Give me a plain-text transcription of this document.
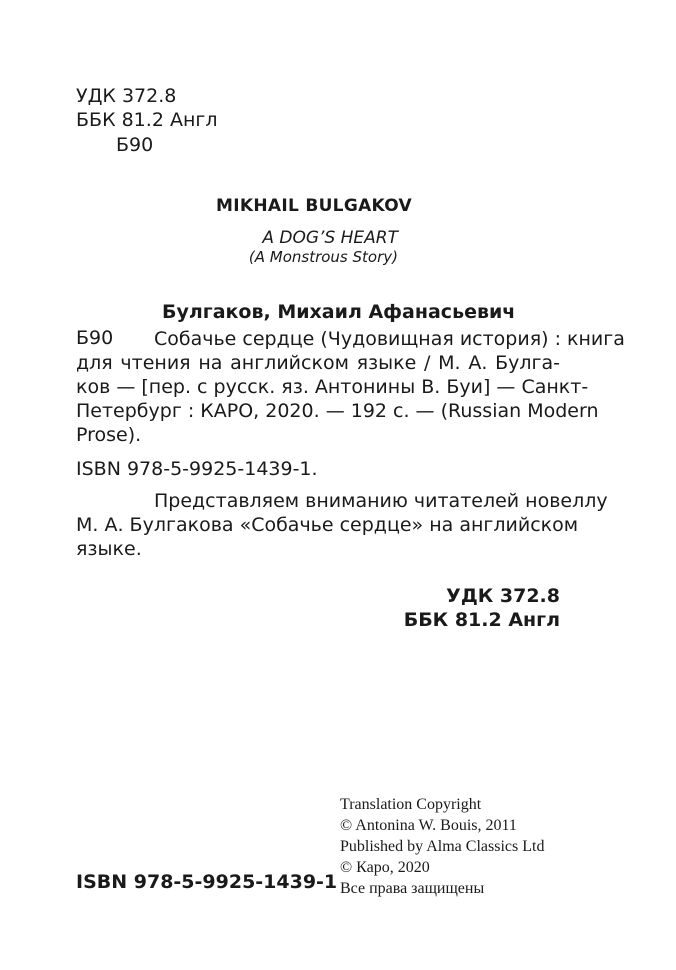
УДК 372.8
ББК 81.2 Англ
Б90
MIKHAIL BULGAKOV
A DOG’S HEART
(A Monstrous Story)
Булгаков, Михаил Афанасьевич
Б90 Собачье сердце (Чудовищная история) : книга
для чтения на английском языке / М. А. Булга-
ков — [пер. с русск. яз. Антонины В. Буи] — Санкт-
Петербург : КАРО, 2020. — 192 с. — (Russian Modern
Prose).
ISBN 978-5-9925-1439-1.
Представляем вниманию читателей новеллу
М. А. Булгакова «Собачье сердце» на английском
языке.
УДК 372.8
ББК 81.2 Англ
Translation Copyright
© Antonina W. Bouis, 2011
Published by Alma Classics Ltd
© Каро, 2020
Все права защищены
ISBN 978-5-9925-1439-1
